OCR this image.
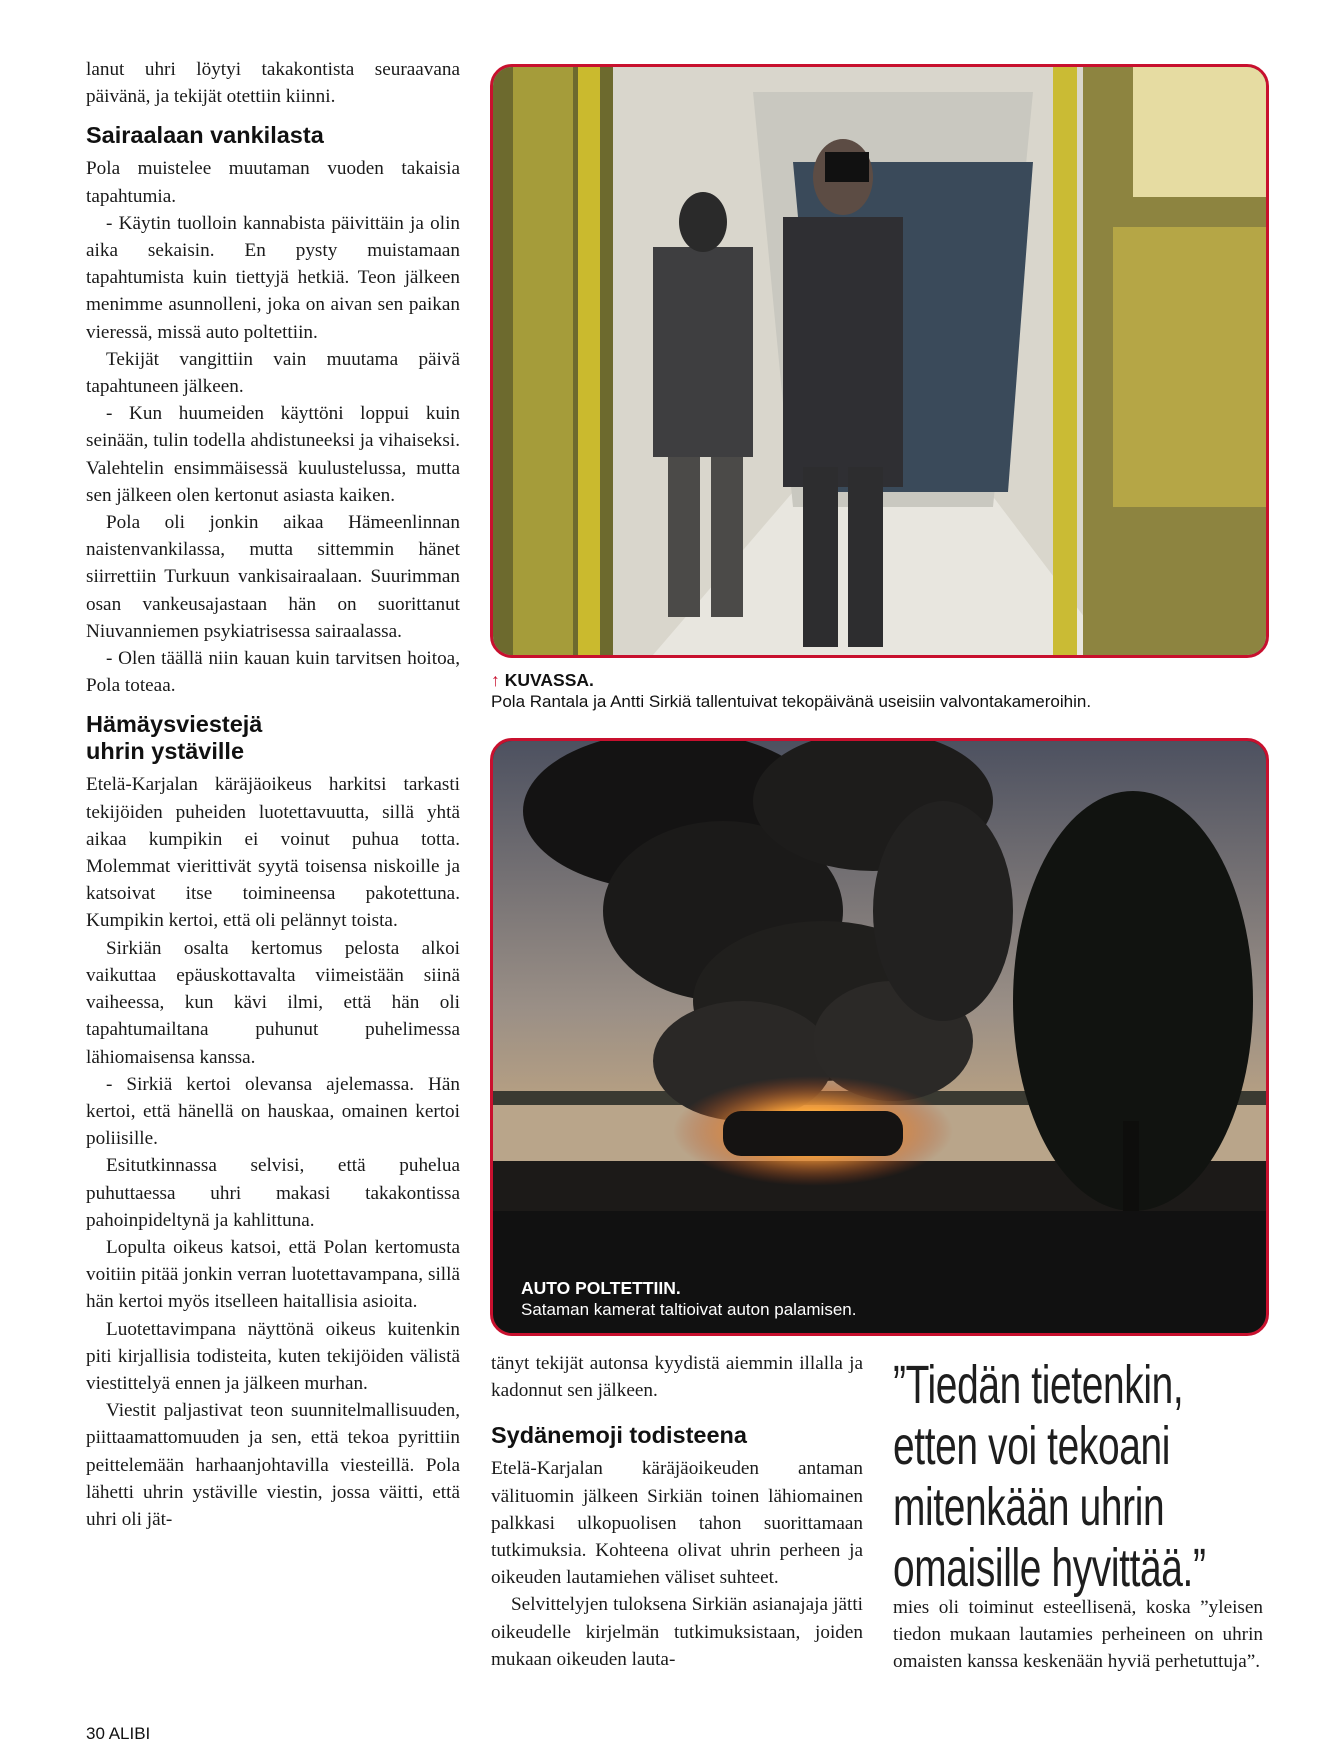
lanut uhri löytyi takakontista seuraavana päivänä, ja tekijät otettiin kiinni.

Sairaalaan vankilasta

Pola muistelee muutaman vuoden takaisia tapahtumia.

- Käytin tuolloin kannabista päivittäin ja olin aika sekaisin. En pysty muistamaan tapahtumista kuin tiettyjä hetkiä. Teon jälkeen menimme asunnolleni, joka on aivan sen paikan vieressä, missä auto poltettiin.

Tekijät vangittiin vain muutama päivä tapahtuneen jälkeen.

- Kun huumeiden käyttöni loppui kuin seinään, tulin todella ahdistuneeksi ja vihaiseksi. Valehtelin ensimmäisessä kuulustelussa, mutta sen jälkeen olen kertonut asiasta kaiken.

Pola oli jonkin aikaa Hämeenlinnan naistenvankilassa, mutta sittemmin hänet siirrettiin Turkuun vankisairaalaan. Suurimman osan vankeusajastaan hän on suorittanut Niuvanniemen psykiatrisessa sairaalassa.

- Olen täällä niin kauan kuin tarvitsen hoitoa, Pola toteaa.

Hämäysviestejä uhrin ystäville

Etelä-Karjalan käräjäoikeus harkitsi tarkasti tekijöiden puheiden luotettavuutta, sillä yhtä aikaa kumpikin ei voinut puhua totta. Molemmat vierittivät syytä toisensa niskoille ja katsoivat itse toimineensa pakotettuna. Kumpikin kertoi, että oli pelännyt toista.

Sirkiän osalta kertomus pelosta alkoi vaikuttaa epäuskottavalta viimeistään siinä vaiheessa, kun kävi ilmi, että hän oli tapahtumailtana puhunut puhelimessa lähiomaisensa kanssa.

- Sirkiä kertoi olevansa ajelemassa. Hän kertoi, että hänellä on hauskaa, omainen kertoi poliisille.

Esitutkinnassa selvisi, että puhelua puhuttaessa uhri makasi takakontissa pahoinpideltynä ja kahlittuna.

Lopulta oikeus katsoi, että Polan kertomusta voitiin pitää jonkin verran luotettavampana, sillä hän kertoi myös itselleen haitallisia asioita.

Luotettavimpana näyttönä oikeus kuitenkin piti kirjallisia todisteita, kuten tekijöiden välistä viestittelyä ennen ja jälkeen murhan.

Viestit paljastivat teon suunnitelmallisuuden, piittaamattomuuden ja sen, että tekoa pyrittiin peittelemään harhaanjohtavilla viesteillä. Pola lähetti uhrin ystäville viestin, jossa väitti, että uhri oli jät-

↑ KUVASSA.
Pola Rantala ja Antti Sirkiä tallentuivat tekopäivänä useisiin valvontakameroihin.
AUTO POLTETTIIN.
Sataman kamerat taltioivat auton palamisen.

tänyt tekijät autonsa kyydistä aiemmin illalla ja kadonnut sen jälkeen.

Sydänemoji todisteena

Etelä-Karjalan käräjäoikeuden antaman välituomin jälkeen Sirkiän toinen lähiomainen palkkasi ulkopuolisen tahon suorittamaan tutkimuksia. Kohteena olivat uhrin perheen ja oikeuden lautamiehen väliset suhteet.

Selvittelyjen tuloksena Sirkiän asianajaja jätti oikeudelle kirjelmän tutkimuksistaan, joiden mukaan oikeuden lauta-

”Tiedän tietenkin,
etten voi tekoani
mitenkään uhrin
omaisille hyvittää.”

mies oli toiminut esteellisenä, koska ”yleisen tiedon mukaan lautamies perheineen on uhrin omaisten kanssa keskenään hyviä perhetuttuja”.

30 ALIBI
